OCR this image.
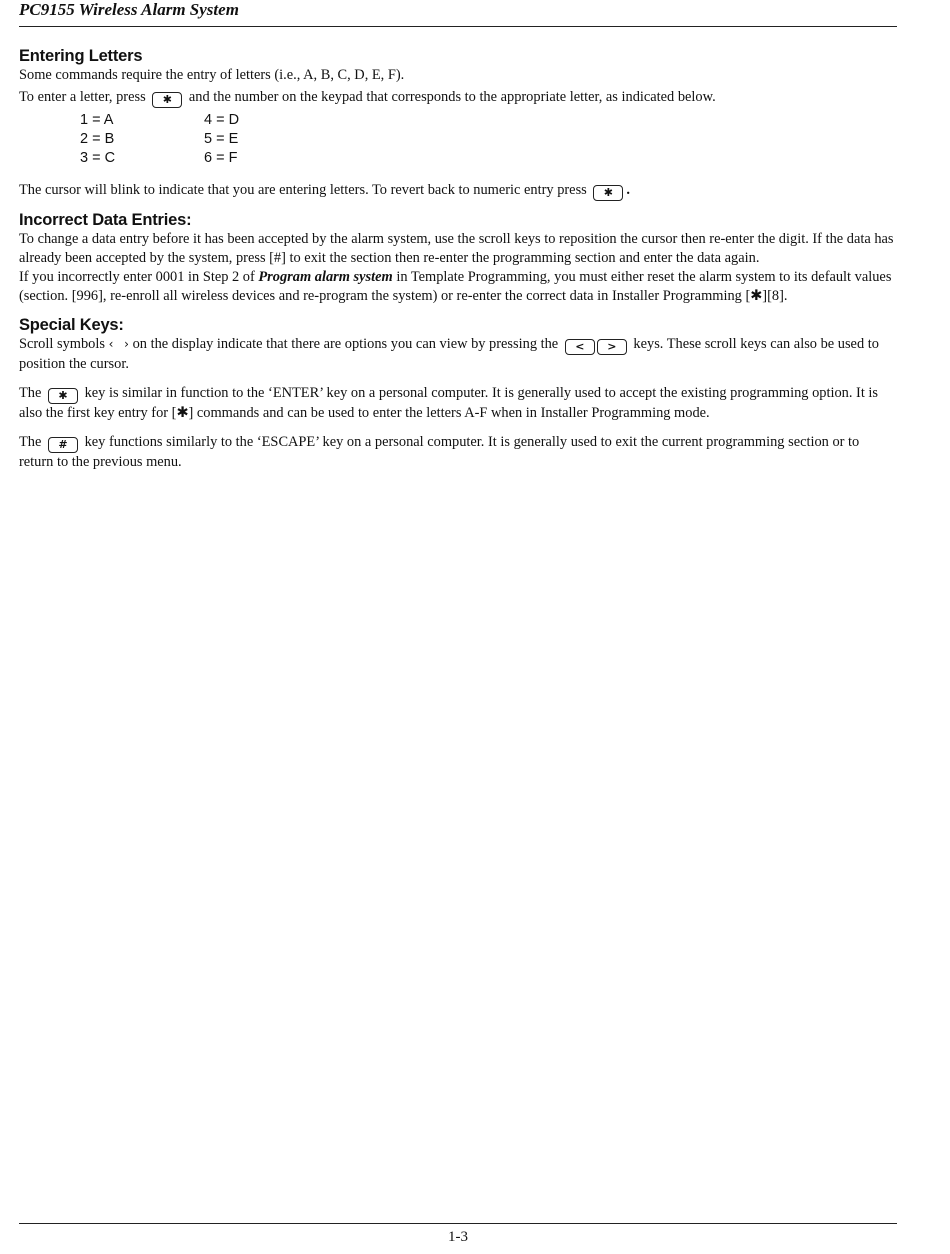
PC9155 Wireless Alarm System
Entering Letters

Some commands require the entry of letters (i.e., A, B, C, D, E, F).

To enter a letter, press ✱ and the number on the keypad that corresponds to the appropriate letter, as indicated below.

1 = A	4 = D
2 = B	5 = E
3 = C	6 = F

The cursor will blink to indicate that you are entering letters. To revert back to numeric entry press ✱ .

Incorrect Data Entries:

To change a data entry before it has been accepted by the alarm system, use the scroll keys to reposition the cursor then re-enter the digit. If the data has already been accepted by the system, press [#] to exit the section then re-enter the programming section and enter the data again.

If you incorrectly enter 0001 in Step 2 of Program alarm system in Template Programming, you must either reset the alarm system to its default values (section. [996], re-enroll all wireless devices and re-program the system) or re-enter the correct data in Installer Programming [✱][8].

Special Keys:

Scroll symbols ‹ › on the display indicate that there are options you can view by pressing the < > keys. These scroll keys can also be used to position the cursor.

The ✱ key is similar in function to the ‘ENTER’ key on a personal computer. It is generally used to accept the existing programming option. It is also the first key entry for [✱] commands and can be used to enter the letters A-F when in Installer Programming mode.

The # key functions similarly to the ‘ESCAPE’ key on a personal computer. It is generally used to exit the current programming section or to return to the previous menu.

1-3
